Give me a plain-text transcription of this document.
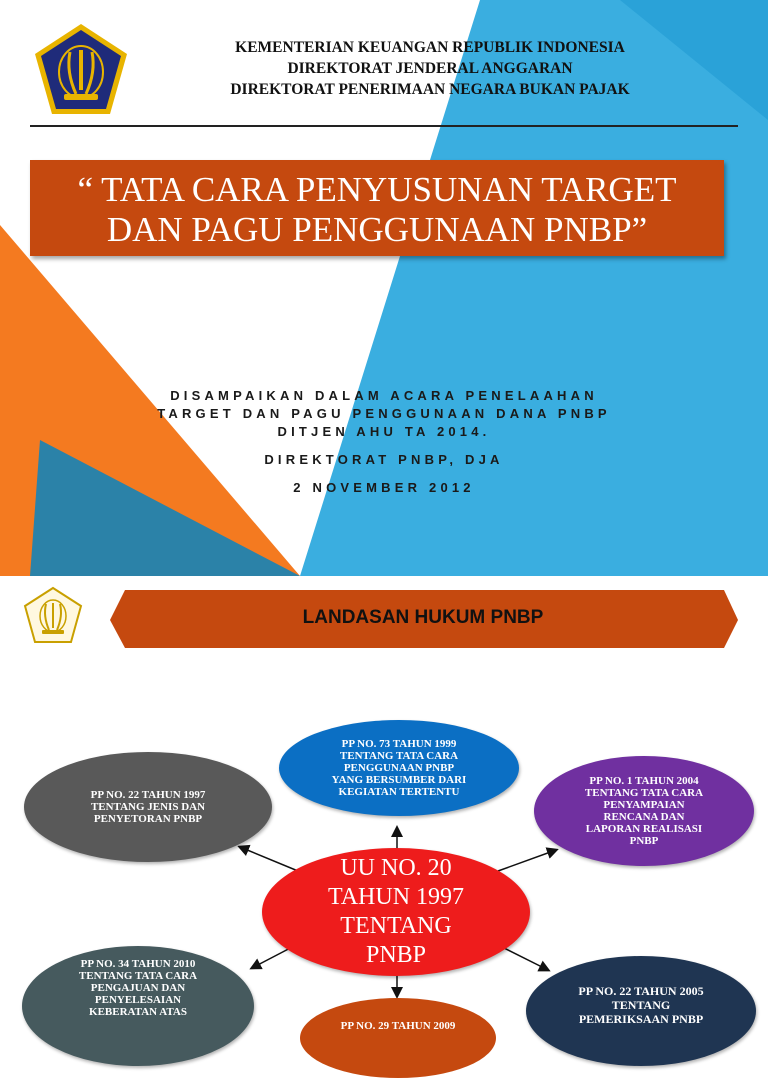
KEMENTERIAN KEUANGAN REPUBLIK INDONESIA
DIREKTORAT JENDERAL ANGGARAN
DIREKTORAT PENERIMAAN NEGARA BUKAN PAJAK
“ TATA CARA PENYUSUNAN TARGET
DAN PAGU PENGGUNAAN PNBP”
DISAMPAIKAN DALAM ACARA PENELAAHAN
TARGET DAN PAGU PENGGUNAAN DANA PNBP
DITJEN AHU TA 2014.
DIREKTORAT PNBP, DJA
2 NOVEMBER 2012
LANDASAN HUKUM PNBP
PP NO. 73 TAHUN 1999
TENTANG TATA CARA
PENGGUNAAN PNBP
YANG BERSUMBER DARI
KEGIATAN TERTENTU
PP NO. 22 TAHUN 1997
TENTANG JENIS DAN
PENYETORAN PNBP
PP NO. 1 TAHUN 2004
TENTANG TATA CARA
PENYAMPAIAN
RENCANA DAN
LAPORAN REALISASI
PNBP
UU NO. 20
TAHUN 1997
TENTANG
PNBP
PP NO. 34 TAHUN 2010
TENTANG TATA CARA
PENGAJUAN DAN
PENYELESAIAN
KEBERATAN ATAS
PP NO. 22 TAHUN 2005
TENTANG
PEMERIKSAAN PNBP
PP NO. 29 TAHUN 2009
